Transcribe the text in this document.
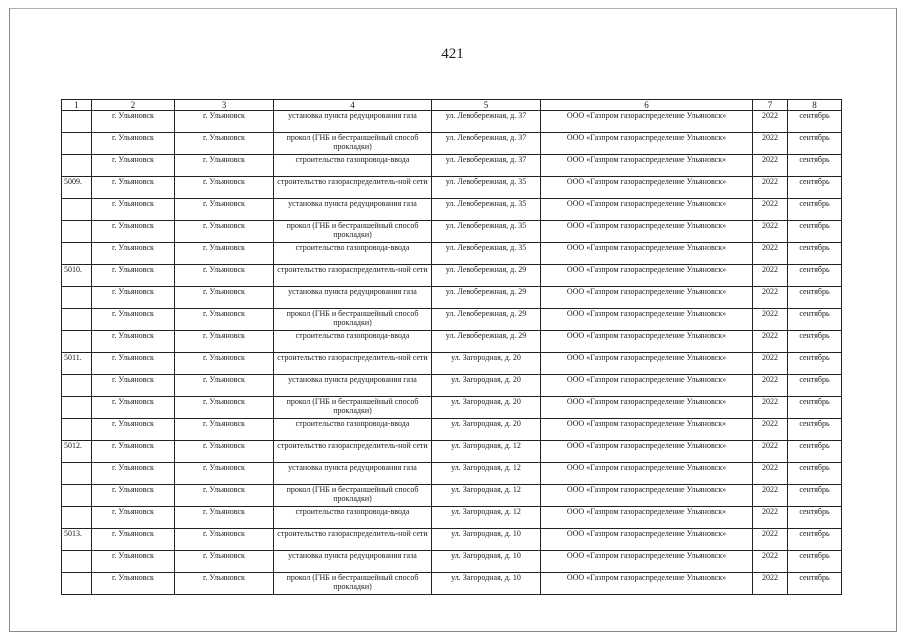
421
1	2	3	4	5	6	7	8
	г. Ульяновск	г. Ульяновск	установка пункта редуцирования газа	ул. Левобережная, д. 37	ООО «Газпром газораспределение Ульяновск»	2022	сентябрь
	г. Ульяновск	г. Ульяновск	прокол (ГНБ и бестраншейный способ прокладки)	ул. Левобережная, д. 37	ООО «Газпром газораспределение Ульяновск»	2022	сентябрь
	г. Ульяновск	г. Ульяновск	строительство газопровода-ввода	ул. Левобережная, д. 37	ООО «Газпром газораспределение Ульяновск»	2022	сентябрь
5009.	г. Ульяновск	г. Ульяновск	строительство газораспределитель-ной сети	ул. Левобережная, д. 35	ООО «Газпром газораспределение Ульяновск»	2022	сентябрь
	г. Ульяновск	г. Ульяновск	установка пункта редуцирования газа	ул. Левобережная, д. 35	ООО «Газпром газораспределение Ульяновск»	2022	сентябрь
	г. Ульяновск	г. Ульяновск	прокол (ГНБ и бестраншейный способ прокладки)	ул. Левобережная, д. 35	ООО «Газпром газораспределение Ульяновск»	2022	сентябрь
	г. Ульяновск	г. Ульяновск	строительство газопровода-ввода	ул. Левобережная, д. 35	ООО «Газпром газораспределение Ульяновск»	2022	сентябрь
5010.	г. Ульяновск	г. Ульяновск	строительство газораспределитель-ной сети	ул. Левобережная, д. 29	ООО «Газпром газораспределение Ульяновск»	2022	сентябрь
	г. Ульяновск	г. Ульяновск	установка пункта редуцирования газа	ул. Левобережная, д. 29	ООО «Газпром газораспределение Ульяновск»	2022	сентябрь
	г. Ульяновск	г. Ульяновск	прокол (ГНБ и бестраншейный способ прокладки)	ул. Левобережная, д. 29	ООО «Газпром газораспределение Ульяновск»	2022	сентябрь
	г. Ульяновск	г. Ульяновск	строительство газопровода-ввода	ул. Левобережная, д. 29	ООО «Газпром газораспределение Ульяновск»	2022	сентябрь
5011.	г. Ульяновск	г. Ульяновск	строительство газораспределитель-ной сети	ул. Загородная, д. 20	ООО «Газпром газораспределение Ульяновск»	2022	сентябрь
	г. Ульяновск	г. Ульяновск	установка пункта редуцирования газа	ул. Загородная, д. 20	ООО «Газпром газораспределение Ульяновск»	2022	сентябрь
	г. Ульяновск	г. Ульяновск	прокол (ГНБ и бестраншейный способ прокладки)	ул. Загородная, д. 20	ООО «Газпром газораспределение Ульяновск»	2022	сентябрь
	г. Ульяновск	г. Ульяновск	строительство газопровода-ввода	ул. Загородная, д. 20	ООО «Газпром газораспределение Ульяновск»	2022	сентябрь
5012.	г. Ульяновск	г. Ульяновск	строительство газораспределитель-ной сети	ул. Загородная, д. 12	ООО «Газпром газораспределение Ульяновск»	2022	сентябрь
	г. Ульяновск	г. Ульяновск	установка пункта редуцирования газа	ул. Загородная, д. 12	ООО «Газпром газораспределение Ульяновск»	2022	сентябрь
	г. Ульяновск	г. Ульяновск	прокол (ГНБ и бестраншейный способ прокладки)	ул. Загородная, д. 12	ООО «Газпром газораспределение Ульяновск»	2022	сентябрь
	г. Ульяновск	г. Ульяновск	строительство газопровода-ввода	ул. Загородная, д. 12	ООО «Газпром газораспределение Ульяновск»	2022	сентябрь
5013.	г. Ульяновск	г. Ульяновск	строительство газораспределитель-ной сети	ул. Загородная, д. 10	ООО «Газпром газораспределение Ульяновск»	2022	сентябрь
	г. Ульяновск	г. Ульяновск	установка пункта редуцирования газа	ул. Загородная, д. 10	ООО «Газпром газораспределение Ульяновск»	2022	сентябрь
	г. Ульяновск	г. Ульяновск	прокол (ГНБ и бестраншейный способ прокладки)	ул. Загородная, д. 10	ООО «Газпром газораспределение Ульяновск»	2022	сентябрь
